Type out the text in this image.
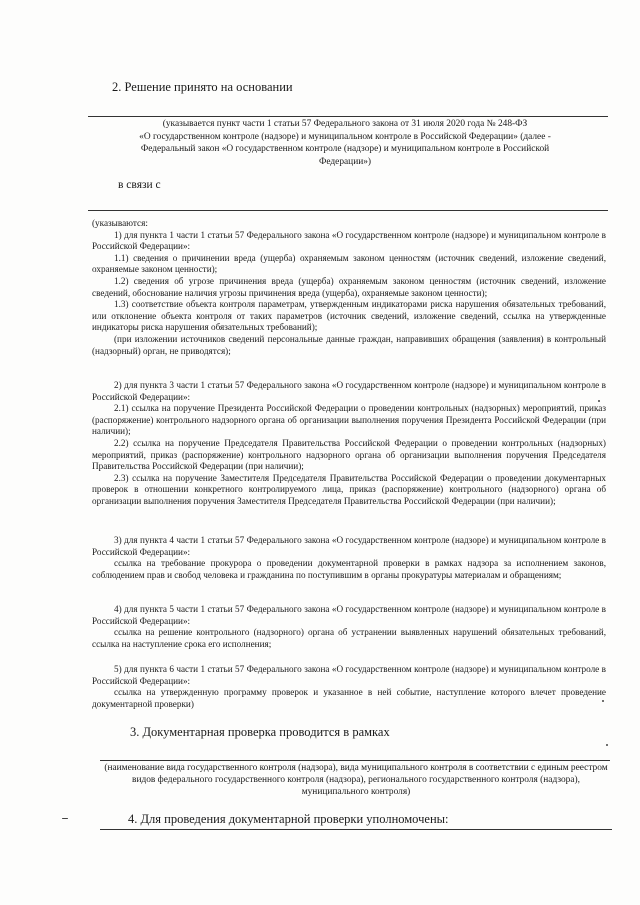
2. Решение принято на основании
(указывается пункт части 1 статьи 57 Федерального закона от 31 июля 2020 года № 248-ФЗ
«О государственном контроле (надзоре) и муниципальном контроле в Российской Федерации» (далее -
Федеральный закон «О государственном контроле (надзоре) и муниципальном контроле в Российской
Федерации»)
в связи с

(указываются:

1) для пункта 1 части 1 статьи 57 Федерального закона «О государственном контроле (надзоре) и муниципальном контроле в Российской Федерации»:

1.1) сведения о причинении вреда (ущерба) охраняемым законом ценностям (источник сведений, изложение сведений, охраняемые законом ценности);

1.2) сведения об угрозе причинения вреда (ущерба) охраняемым законом ценностям (источник сведений, изложение сведений, обоснование наличия угрозы причинения вреда (ущерба), охраняемые законом ценности);

1.3) соответствие объекта контроля параметрам, утвержденным индикаторами риска нарушения обязательных требований, или отклонение объекта контроля от таких параметров (источник сведений, изложение сведений, ссылка на утвержденные индикаторы риска нарушения обязательных требований);

(при изложении источников сведений персональные данные граждан, направивших обращения (заявления) в контрольный (надзорный) орган, не приводятся);

2) для пункта 3 части 1 статьи 57 Федерального закона «О государственном контроле (надзоре) и муниципальном контроле в Российской Федерации»:

2.1) ссылка на поручение Президента Российской Федерации о проведении контрольных (надзорных) мероприятий, приказ (распоряжение) контрольного надзорного органа об организации выполнения поручения Президента Российской Федерации (при наличии);

2.2) ссылка на поручение Председателя Правительства Российской Федерации о проведении контрольных (надзорных) мероприятий, приказ (распоряжение) контрольного надзорного органа об организации выполнения поручения Председателя Правительства Российской Федерации (при наличии);

2.3) ссылка на поручение Заместителя Председателя Правительства Российской Федерации о проведении документарных проверок в отношении конкретного контролируемого лица, приказ (распоряжение) контрольного (надзорного) органа об организации выполнения поручения Заместителя Председателя Правительства Российской Федерации (при наличии);

3) для пункта 4 части 1 статьи 57 Федерального закона «О государственном контроле (надзоре) и муниципальном контроле в Российской Федерации»:

ссылка на требование прокурора о проведении документарной проверки в рамках надзора за исполнением законов, соблюдением прав и свобод человека и гражданина по поступившим в органы прокуратуры материалам и обращениям;

4) для пункта 5 части 1 статьи 57 Федерального закона «О государственном контроле (надзоре) и муниципальном контроле в Российской Федерации»:

ссылка на решение контрольного (надзорного) органа об устранении выявленных нарушений обязательных требований, ссылка на наступление срока его исполнения;

5) для пункта 6 части 1 статьи 57 Федерального закона «О государственном контроле (надзоре) и муниципальном контроле в Российской Федерации»:

ссылка на утвержденную программу проверок и указанное в ней событие, наступление которого влечет проведение документарной проверки)

3. Документарная проверка проводится в рамках
(наименование вида государственного контроля (надзора), вида муниципального контроля в соответствии с единым реестром видов федерального государственного контроля (надзора), регионального государственного контроля (надзора), муниципального контроля)
4. Для проведения документарной проверки уполномочены:
